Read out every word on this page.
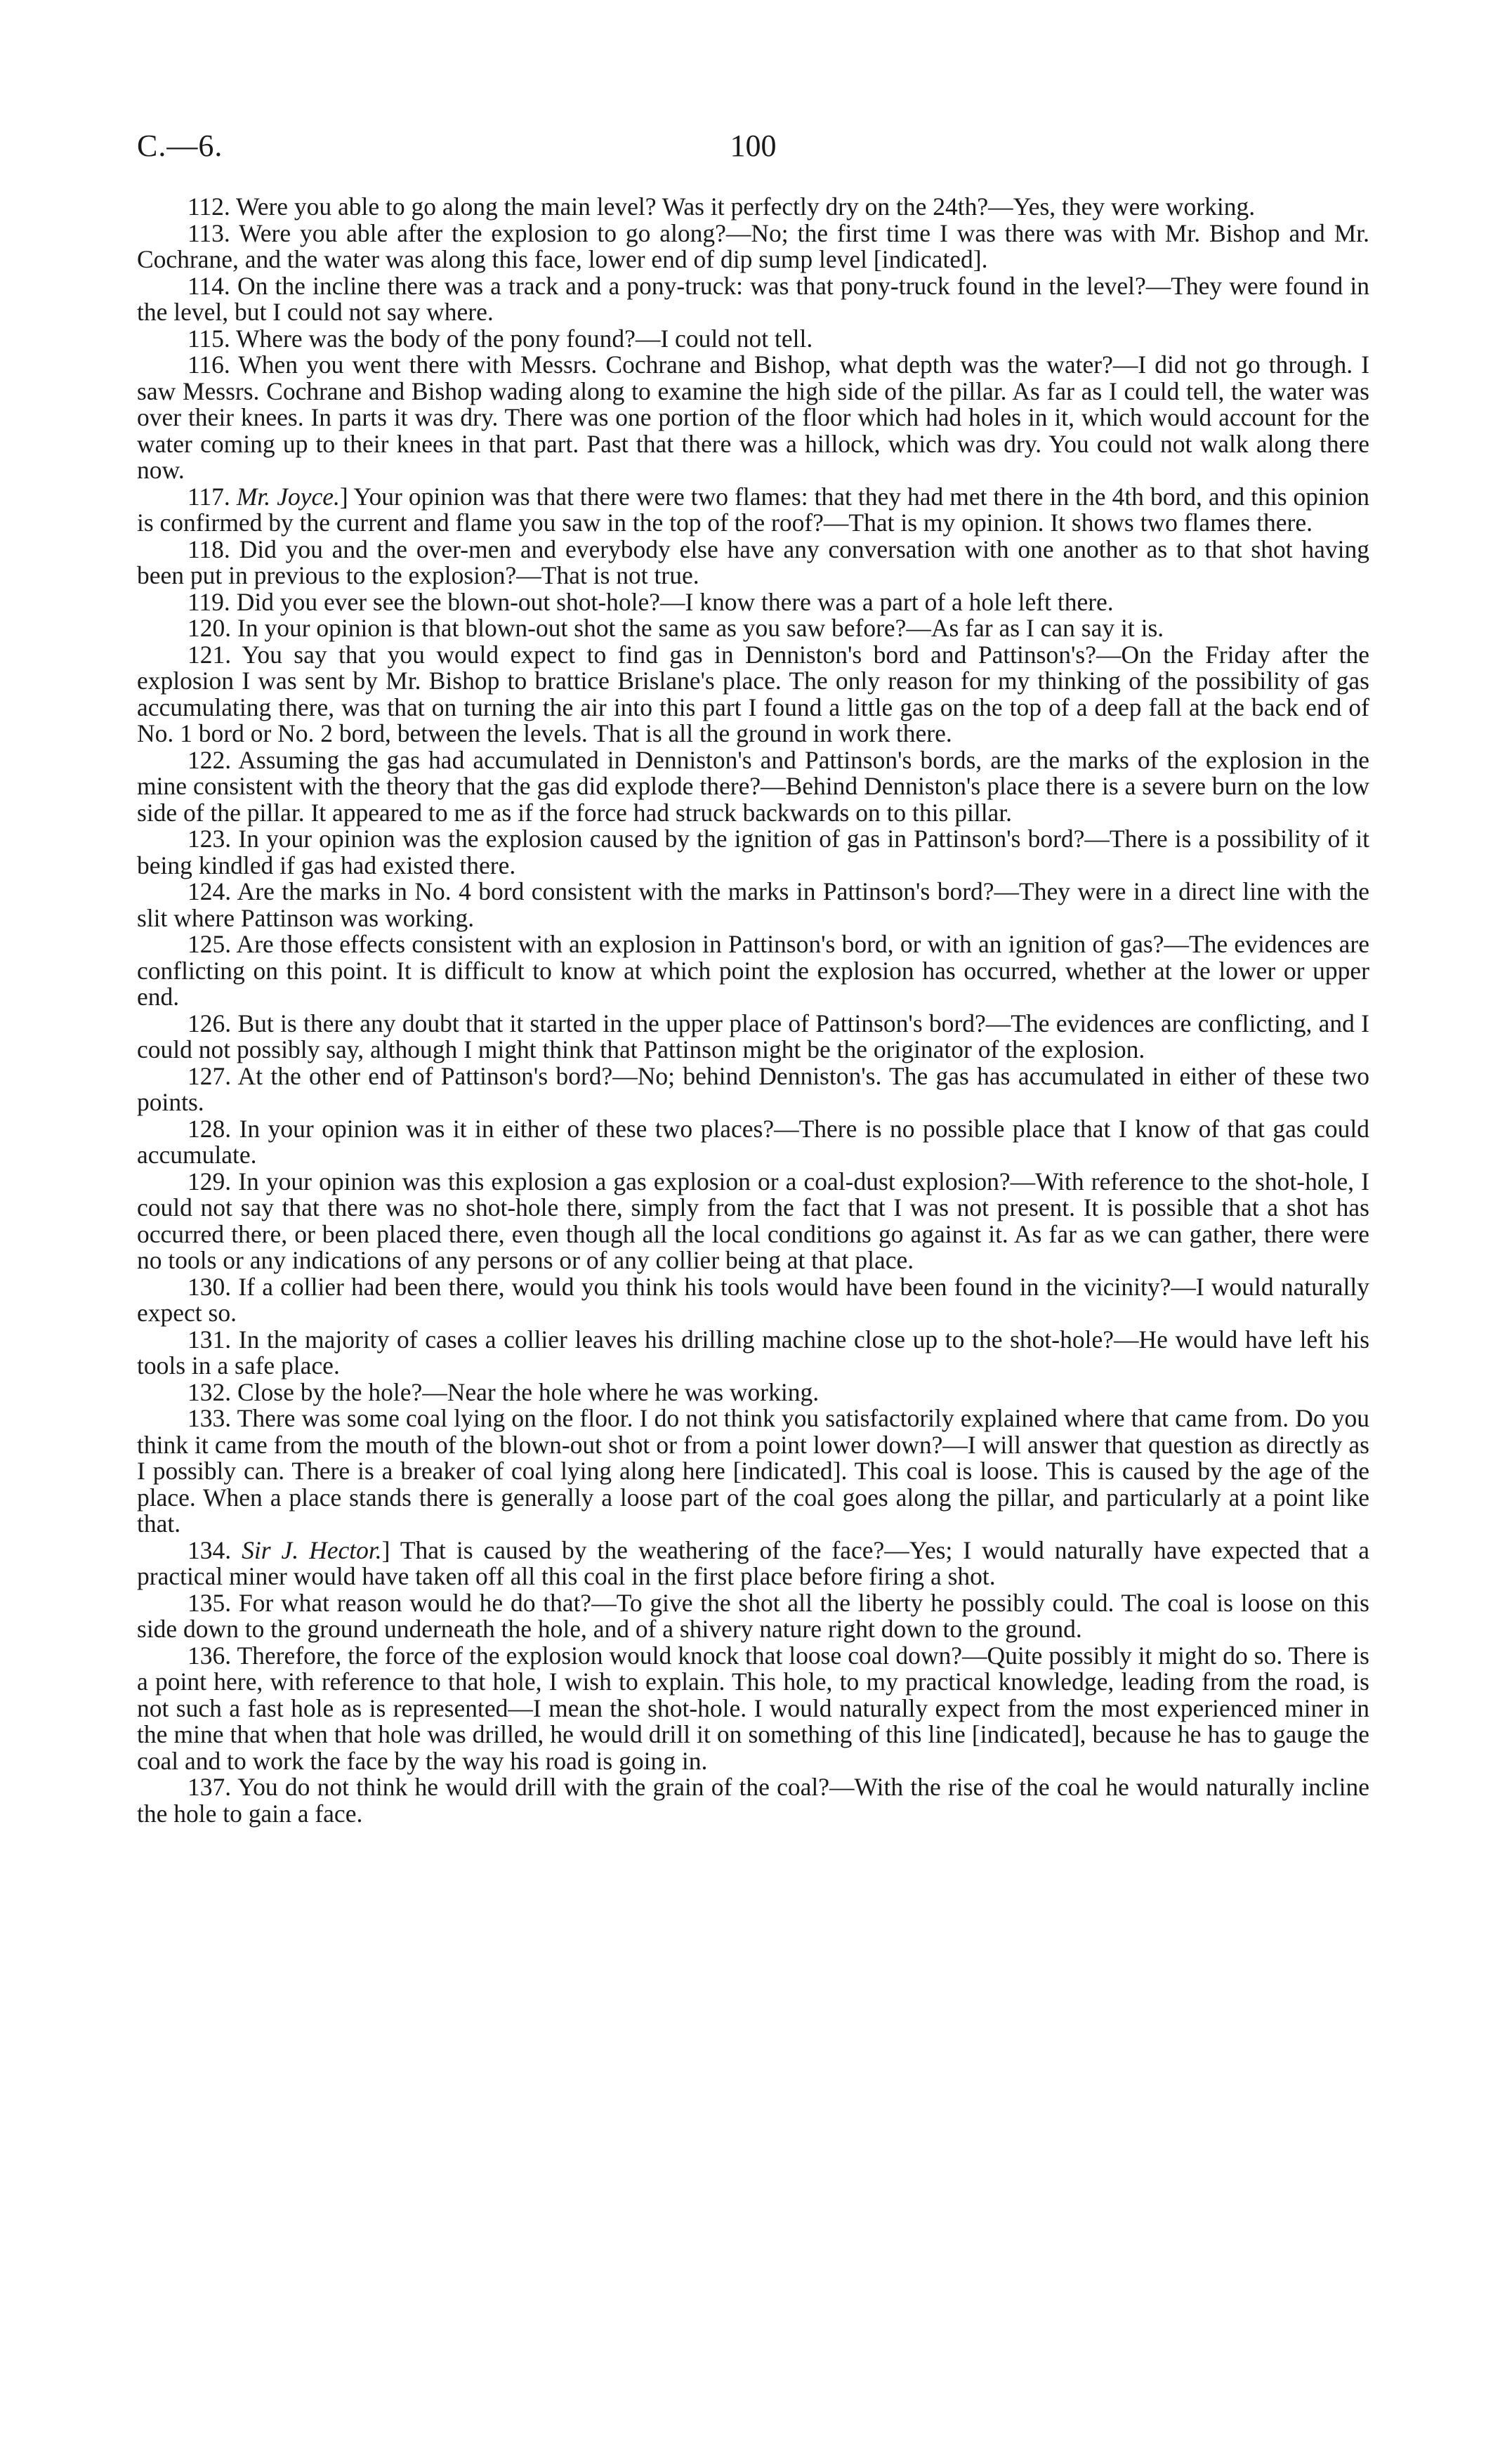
C.—6.	100

112. Were you able to go along the main level? Was it perfectly dry on the 24th?—Yes, they were working.

113. Were you able after the explosion to go along?—No; the first time I was there was with Mr. Bishop and Mr. Cochrane, and the water was along this face, lower end of dip sump level [indicated].

114. On the incline there was a track and a pony-truck: was that pony-truck found in the level?—They were found in the level, but I could not say where.

115. Where was the body of the pony found?—I could not tell.

116. When you went there with Messrs. Cochrane and Bishop, what depth was the water?—I did not go through. I saw Messrs. Cochrane and Bishop wading along to examine the high side of the pillar. As far as I could tell, the water was over their knees. In parts it was dry. There was one portion of the floor which had holes in it, which would account for the water coming up to their knees in that part. Past that there was a hillock, which was dry. You could not walk along there now.

117. Mr. Joyce.] Your opinion was that there were two flames: that they had met there in the 4th bord, and this opinion is confirmed by the current and flame you saw in the top of the roof?—That is my opinion. It shows two flames there.

118. Did you and the over-men and everybody else have any conversation with one another as to that shot having been put in previous to the explosion?—That is not true.

119. Did you ever see the blown-out shot-hole?—I know there was a part of a hole left there.

120. In your opinion is that blown-out shot the same as you saw before?—As far as I can say it is.

121. You say that you would expect to find gas in Denniston's bord and Pattinson's?—On the Friday after the explosion I was sent by Mr. Bishop to brattice Brislane's place. The only reason for my thinking of the possibility of gas accumulating there, was that on turning the air into this part I found a little gas on the top of a deep fall at the back end of No. 1 bord or No. 2 bord, between the levels. That is all the ground in work there.

122. Assuming the gas had accumulated in Denniston's and Pattinson's bords, are the marks of the explosion in the mine consistent with the theory that the gas did explode there?—Behind Denniston's place there is a severe burn on the low side of the pillar. It appeared to me as if the force had struck backwards on to this pillar.

123. In your opinion was the explosion caused by the ignition of gas in Pattinson's bord?—There is a possibility of it being kindled if gas had existed there.

124. Are the marks in No. 4 bord consistent with the marks in Pattinson's bord?—They were in a direct line with the slit where Pattinson was working.

125. Are those effects consistent with an explosion in Pattinson's bord, or with an ignition of gas?—The evidences are conflicting on this point. It is difficult to know at which point the explosion has occurred, whether at the lower or upper end.

126. But is there any doubt that it started in the upper place of Pattinson's bord?—The evidences are conflicting, and I could not possibly say, although I might think that Pattinson might be the originator of the explosion.

127. At the other end of Pattinson's bord?—No; behind Denniston's. The gas has accumulated in either of these two points.

128. In your opinion was it in either of these two places?—There is no possible place that I know of that gas could accumulate.

129. In your opinion was this explosion a gas explosion or a coal-dust explosion?—With reference to the shot-hole, I could not say that there was no shot-hole there, simply from the fact that I was not present. It is possible that a shot has occurred there, or been placed there, even though all the local conditions go against it. As far as we can gather, there were no tools or any indications of any persons or of any collier being at that place.

130. If a collier had been there, would you think his tools would have been found in the vicinity?—I would naturally expect so.

131. In the majority of cases a collier leaves his drilling machine close up to the shot-hole?—He would have left his tools in a safe place.

132. Close by the hole?—Near the hole where he was working.

133. There was some coal lying on the floor. I do not think you satisfactorily explained where that came from. Do you think it came from the mouth of the blown-out shot or from a point lower down?—I will answer that question as directly as I possibly can. There is a breaker of coal lying along here [indicated]. This coal is loose. This is caused by the age of the place. When a place stands there is generally a loose part of the coal goes along the pillar, and particularly at a point like that.

134. Sir J. Hector.] That is caused by the weathering of the face?—Yes; I would naturally have expected that a practical miner would have taken off all this coal in the first place before firing a shot.

135. For what reason would he do that?—To give the shot all the liberty he possibly could. The coal is loose on this side down to the ground underneath the hole, and of a shivery nature right down to the ground.

136. Therefore, the force of the explosion would knock that loose coal down?—Quite possibly it might do so. There is a point here, with reference to that hole, I wish to explain. This hole, to my practical knowledge, leading from the road, is not such a fast hole as is represented—I mean the shot-hole. I would naturally expect from the most experienced miner in the mine that when that hole was drilled, he would drill it on something of this line [indicated], because he has to gauge the coal and to work the face by the way his road is going in.

137. You do not think he would drill with the grain of the coal?—With the rise of the coal he would naturally incline the hole to gain a face.
